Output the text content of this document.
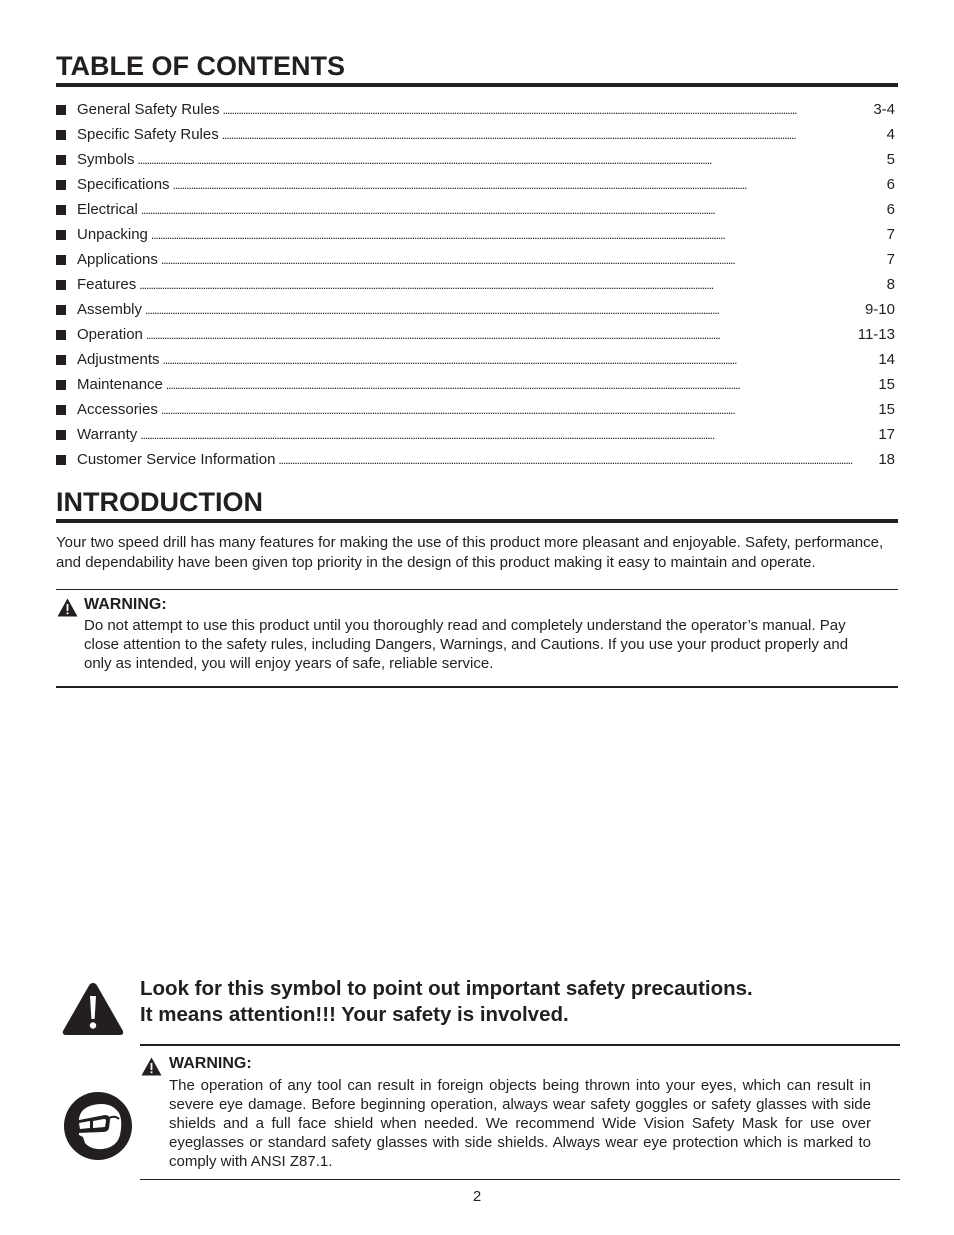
TABLE OF CONTENTS
General Safety Rules . . .	3-4
Specific Safety Rules . . .	4
Symbols . . .	5
Specifications . . .	6
Electrical . . .	6
Unpacking . . .	7
Applications . . .	7
Features . . .	8
Assembly . . .	9-10
Operation . . .	11-13
Adjustments . . .	14
Maintenance . . .	15
Accessories . . .	15
Warranty . . .	17
Customer Service Information . . .	18
INTRODUCTION

Your two speed drill has many features for making the use of this product more pleasant and enjoyable. Safety, performance, and dependability have been given top priority in the design of this product making it easy to maintain and operate.

WARNING:

Do not attempt to use this product until you thoroughly read and completely understand the operator’s manual. Pay close attention to the safety rules, including Dangers, Warnings, and Cautions. If you use your product properly and only as intended, you will enjoy years of safe, reliable service.

Look for this symbol to point out important safety precautions.
It means attention!!! Your safety is involved.

WARNING:

The operation of any tool can result in foreign objects being thrown into your eyes, which can result in severe eye damage. Before beginning operation, always wear safety goggles or safety glasses with side shields and a full face shield when needed. We recommend Wide Vision Safety Mask for use over eyeglasses or standard safety glasses with side shields. Always wear eye protection which is marked to comply with ANSI Z87.1.

2
